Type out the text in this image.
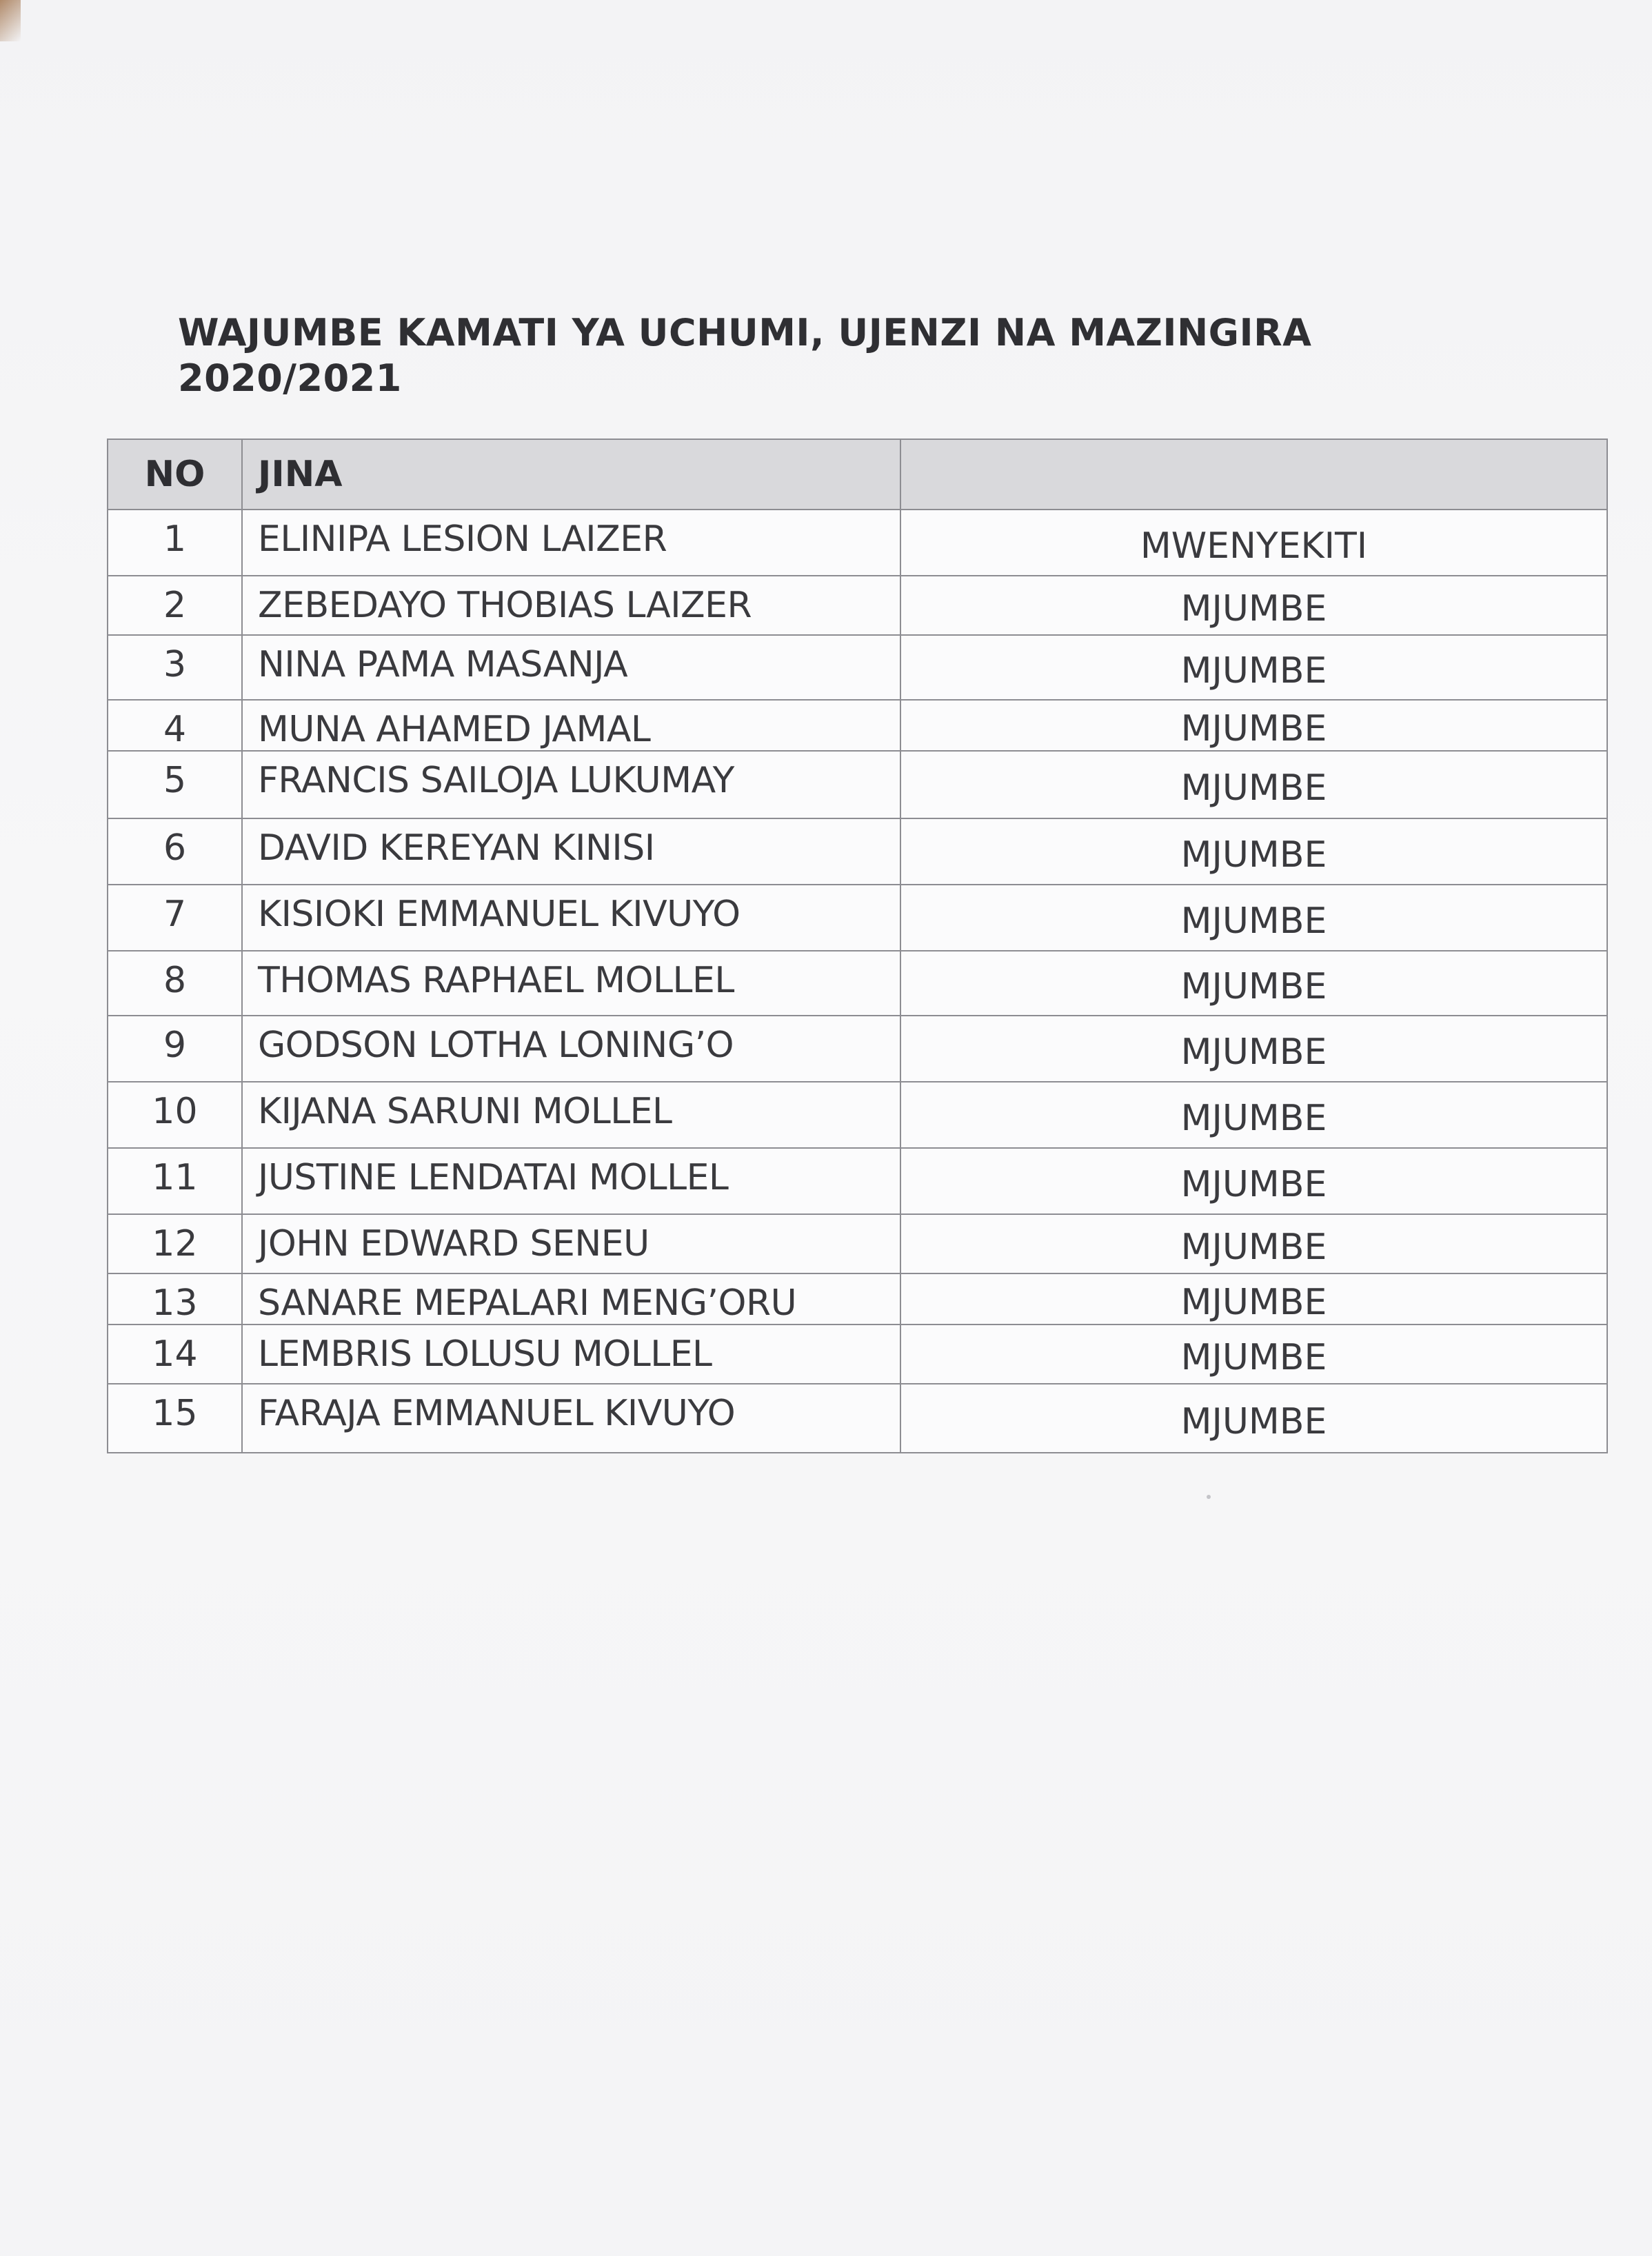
WAJUMBE KAMATI YA UCHUMI, UJENZI NA MAZINGIRA
2020/2021
NO	JINA	
1	ELINIPA LESION LAIZER	MWENYEKITI
2	ZEBEDAYO THOBIAS LAIZER	MJUMBE
3	NINA PAMA MASANJA	MJUMBE
4	MUNA AHAMED JAMAL	MJUMBE
5	FRANCIS SAILOJA LUKUMAY	MJUMBE
6	DAVID KEREYAN KINISI	MJUMBE
7	KISIOKI EMMANUEL KIVUYO	MJUMBE
8	THOMAS RAPHAEL MOLLEL	MJUMBE
9	GODSON LOTHA LONING’O	MJUMBE
10	KIJANA SARUNI MOLLEL	MJUMBE
11	JUSTINE LENDATAI MOLLEL	MJUMBE
12	JOHN EDWARD SENEU	MJUMBE
13	SANARE MEPALARI MENG’ORU	MJUMBE
14	LEMBRIS LOLUSU MOLLEL	MJUMBE
15	FARAJA EMMANUEL KIVUYO	MJUMBE
